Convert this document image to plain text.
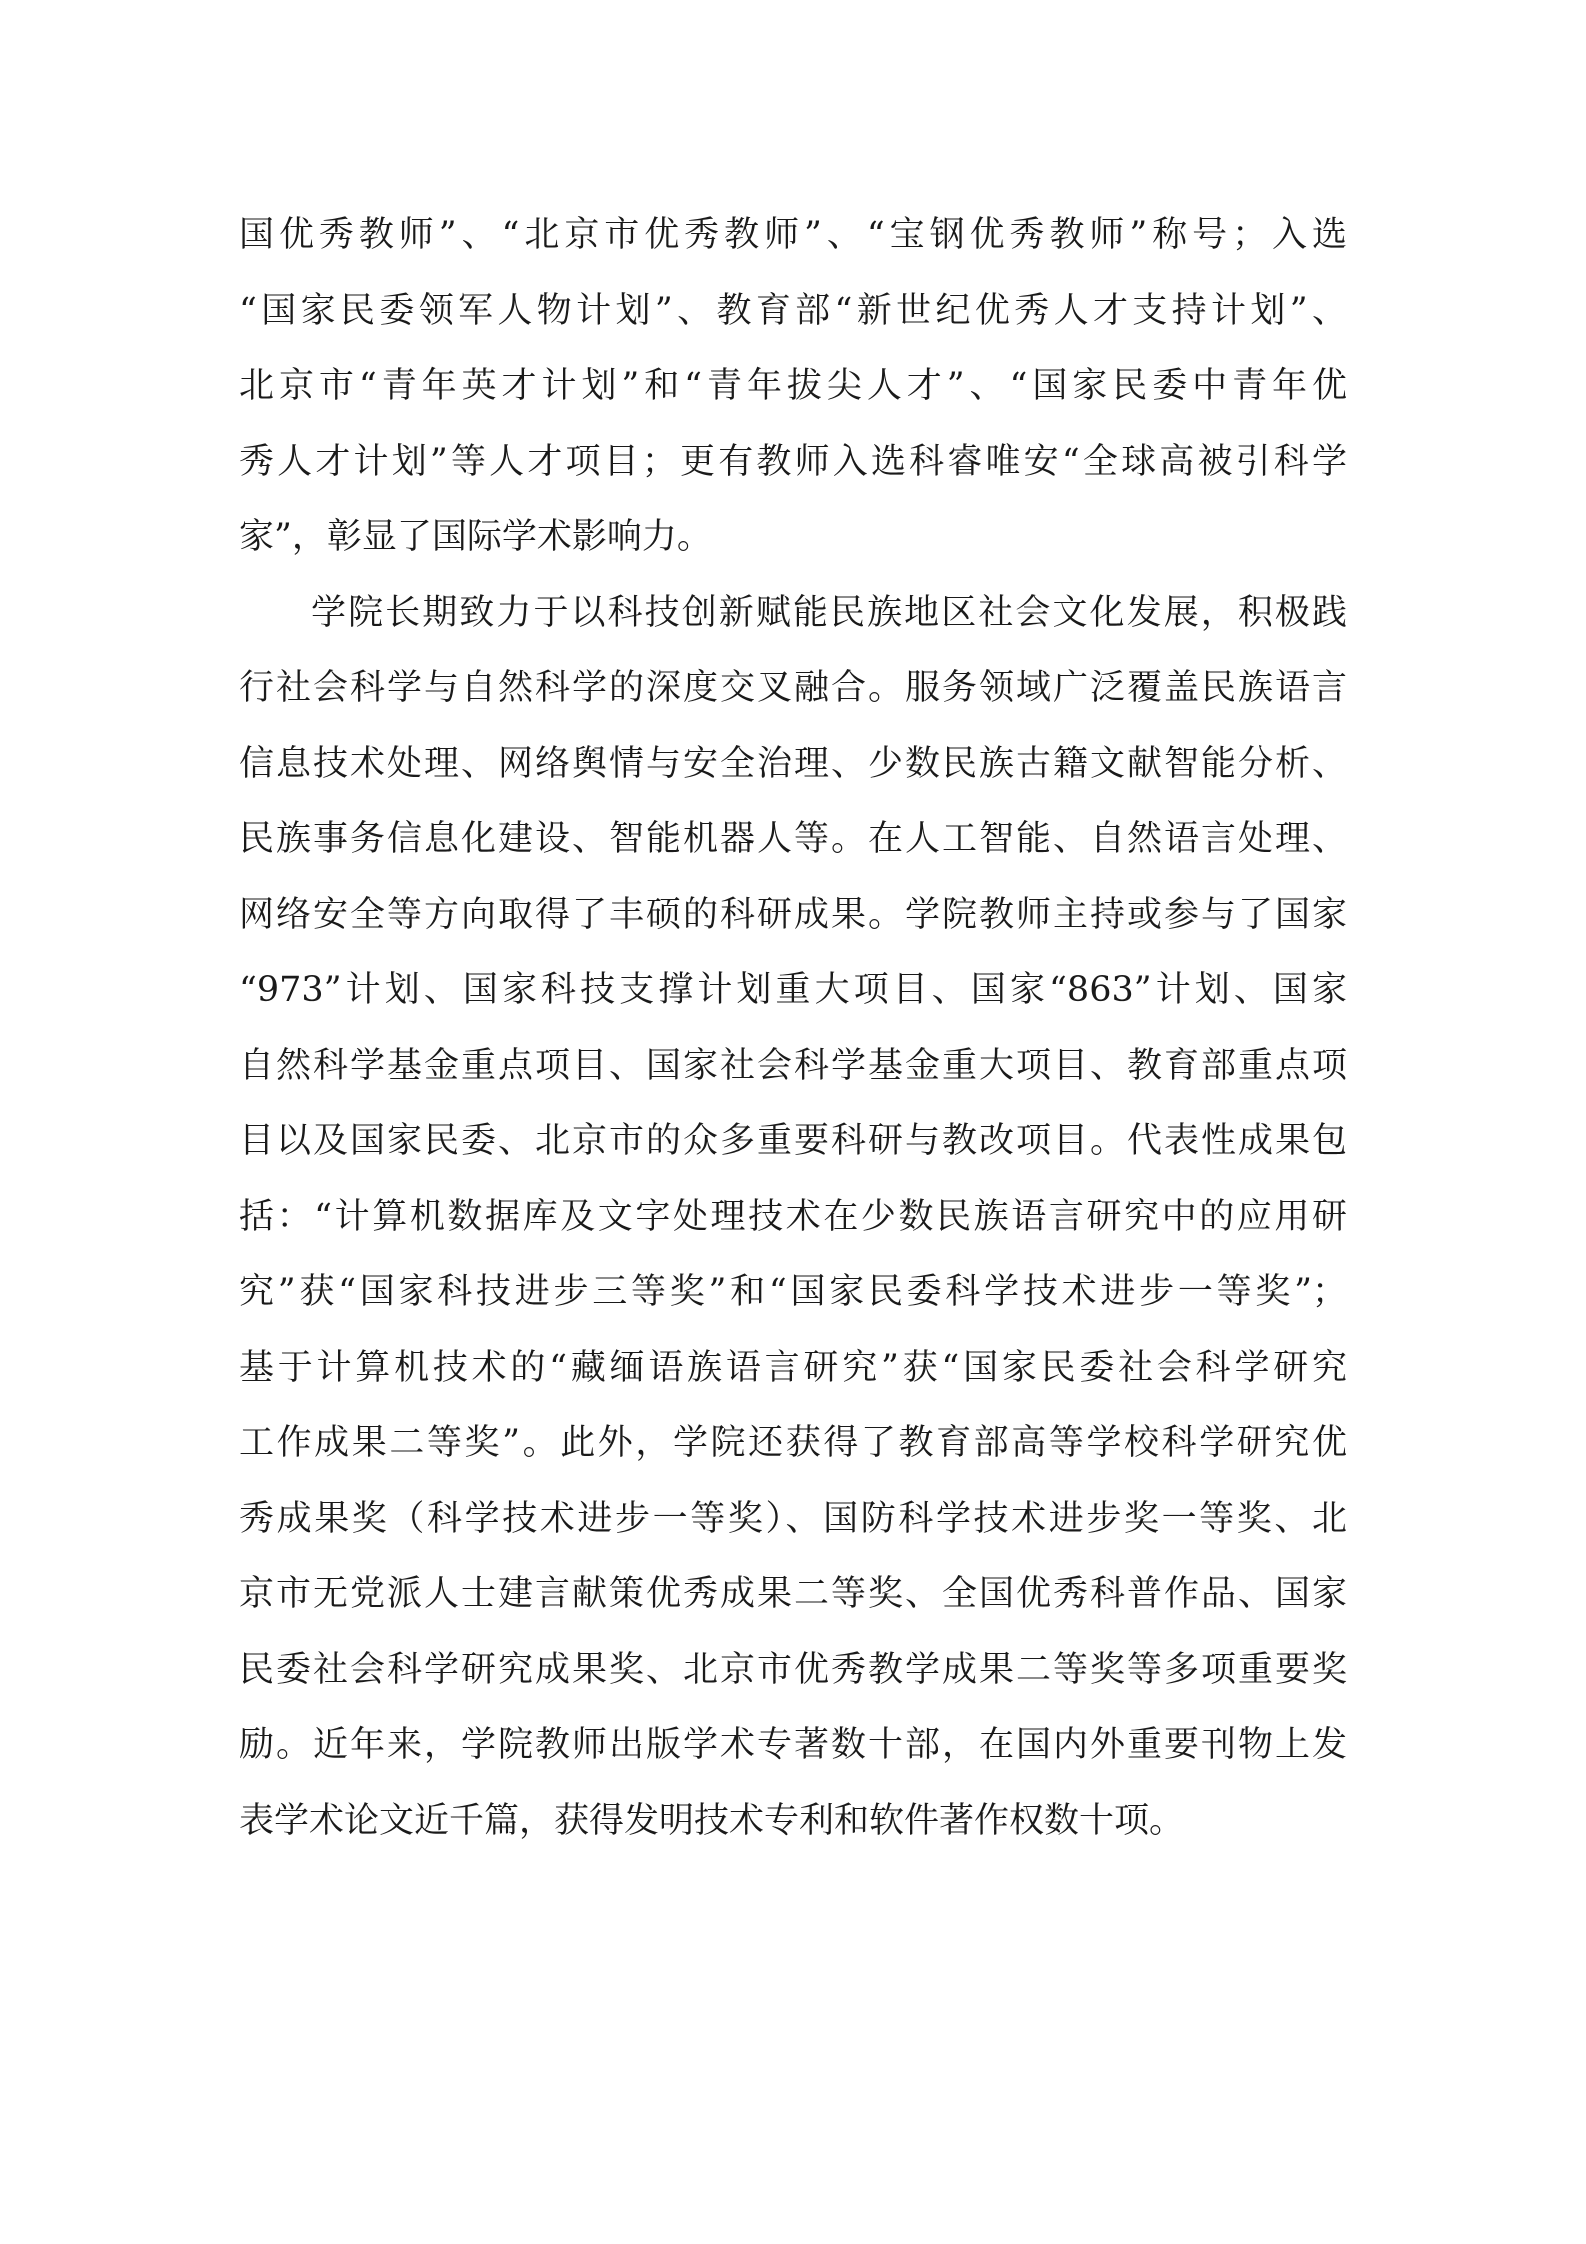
国优秀教师”、“北京市优秀教师”、“宝钢优秀教师”称号；入选
“国家民委领军人物计划”、教育部“新世纪优秀人才支持计划”、
北京市“青年英才计划”和“青年拔尖人才”、“国家民委中青年优
秀人才计划”等人才项目；更有教师入选科睿唯安“全球高被引科学
家”，彰显了国际学术影响力。
学院长期致力于以科技创新赋能民族地区社会文化发展，积极践
行社会科学与自然科学的深度交叉融合。服务领域广泛覆盖民族语言
信息技术处理、网络舆情与安全治理、少数民族古籍文献智能分析、
民族事务信息化建设、智能机器人等。在人工智能、自然语言处理、
网络安全等方向取得了丰硕的科研成果。学院教师主持或参与了国家
“973”计划、国家科技支撑计划重大项目、国家“863”计划、国家
自然科学基金重点项目、国家社会科学基金重大项目、教育部重点项
目以及国家民委、北京市的众多重要科研与教改项目。代表性成果包
括：“计算机数据库及文字处理技术在少数民族语言研究中的应用研
究”获“国家科技进步三等奖”和“国家民委科学技术进步一等奖”；
基于计算机技术的“藏缅语族语言研究”获“国家民委社会科学研究
工作成果二等奖”。此外，学院还获得了教育部高等学校科学研究优
秀成果奖（科学技术进步一等奖）、国防科学技术进步奖一等奖、北
京市无党派人士建言献策优秀成果二等奖、全国优秀科普作品、国家
民委社会科学研究成果奖、北京市优秀教学成果二等奖等多项重要奖
励。近年来，学院教师出版学术专著数十部，在国内外重要刊物上发
表学术论文近千篇，获得发明技术专利和软件著作权数十项。
